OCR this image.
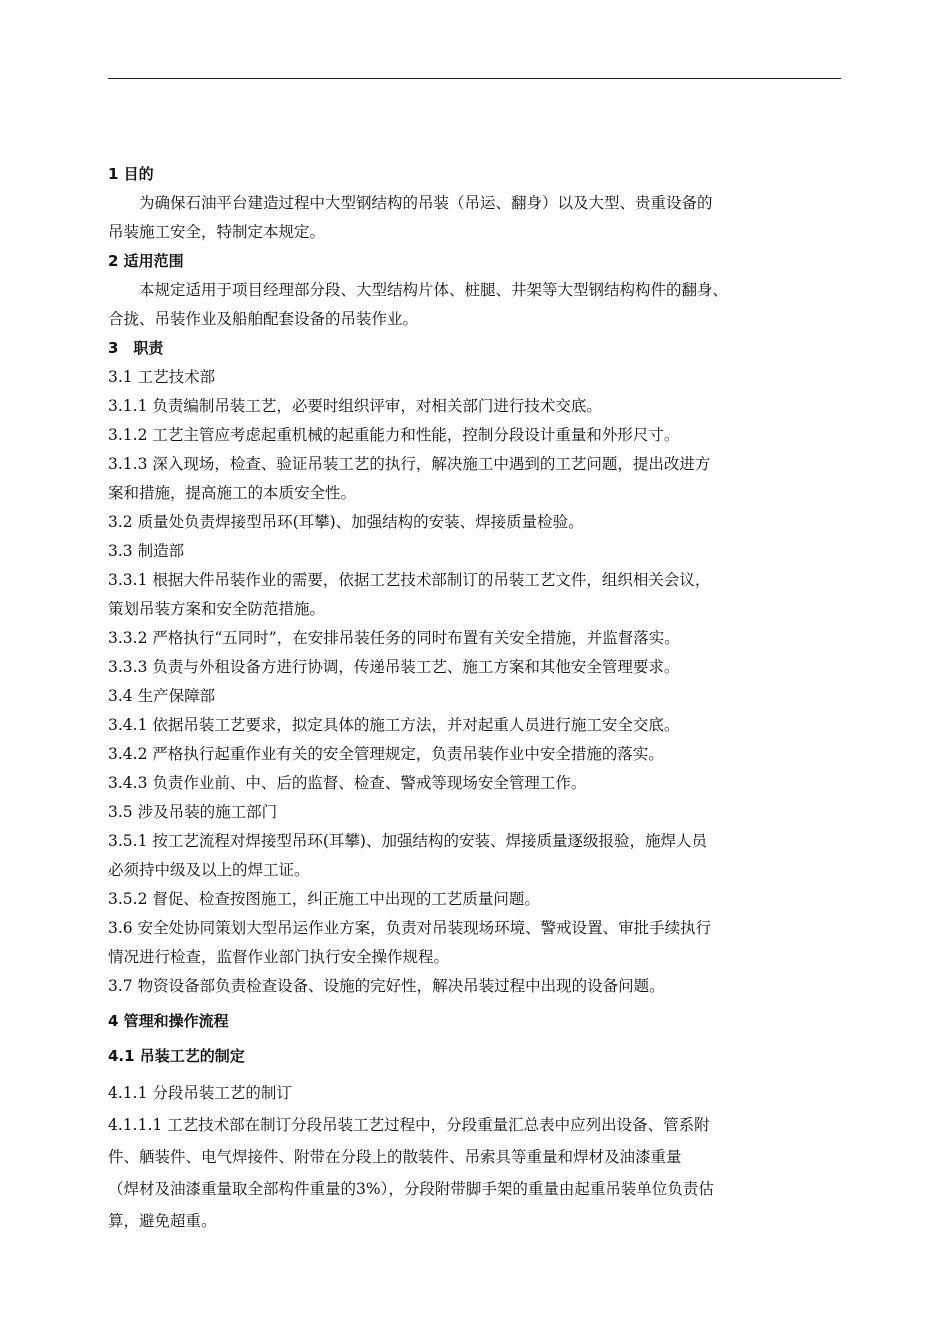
1 目的
为确保石油平台建造过程中大型钢结构的吊装（吊运、翻身）以及大型、贵重设备的
吊装施工安全，特制定本规定。
2 适用范围
本规定适用于项目经理部分段、大型结构片体、桩腿、井架等大型钢结构构件的翻身、
合拢、吊装作业及船舶配套设备的吊装作业。
3　职责
3.1 工艺技术部
3.1.1 负责编制吊装工艺，必要时组织评审，对相关部门进行技术交底。
3.1.2 工艺主管应考虑起重机械的起重能力和性能，控制分段设计重量和外形尺寸。
3.1.3 深入现场，检查、验证吊装工艺的执行，解决施工中遇到的工艺问题，提出改进方
案和措施，提高施工的本质安全性。
3.2 质量处负责焊接型吊环(耳攀)、加强结构的安装、焊接质量检验。
3.3 制造部
3.3.1 根据大件吊装作业的需要，依据工艺技术部制订的吊装工艺文件，组织相关会议，
策划吊装方案和安全防范措施。
3.3.2 严格执行“五同时”，在安排吊装任务的同时布置有关安全措施，并监督落实。
3.3.3 负责与外租设备方进行协调，传递吊装工艺、施工方案和其他安全管理要求。
3.4 生产保障部
3.4.1 依据吊装工艺要求，拟定具体的施工方法，并对起重人员进行施工安全交底。
3.4.2 严格执行起重作业有关的安全管理规定，负责吊装作业中安全措施的落实。
3.4.3 负责作业前、中、后的监督、检查、警戒等现场安全管理工作。
3.5 涉及吊装的施工部门
3.5.1 按工艺流程对焊接型吊环(耳攀)、加强结构的安装、焊接质量逐级报验，施焊人员
必须持中级及以上的焊工证。
3.5.2 督促、检查按图施工，纠正施工中出现的工艺质量问题。
3.6 安全处协同策划大型吊运作业方案，负责对吊装现场环境、警戒设置、审批手续执行
情况进行检查，监督作业部门执行安全操作规程。
3.7 物资设备部负责检查设备、设施的完好性，解决吊装过程中出现的设备问题。
4 管理和操作流程
4.1 吊装工艺的制定
4.1.1 分段吊装工艺的制订
4.1.1.1 工艺技术部在制订分段吊装工艺过程中，分段重量汇总表中应列出设备、管系附
件、舾装件、电气焊接件、附带在分段上的散装件、吊索具等重量和焊材及油漆重量
（焊材及油漆重量取全部构件重量的3%），分段附带脚手架的重量由起重吊装单位负责估
算，避免超重。
